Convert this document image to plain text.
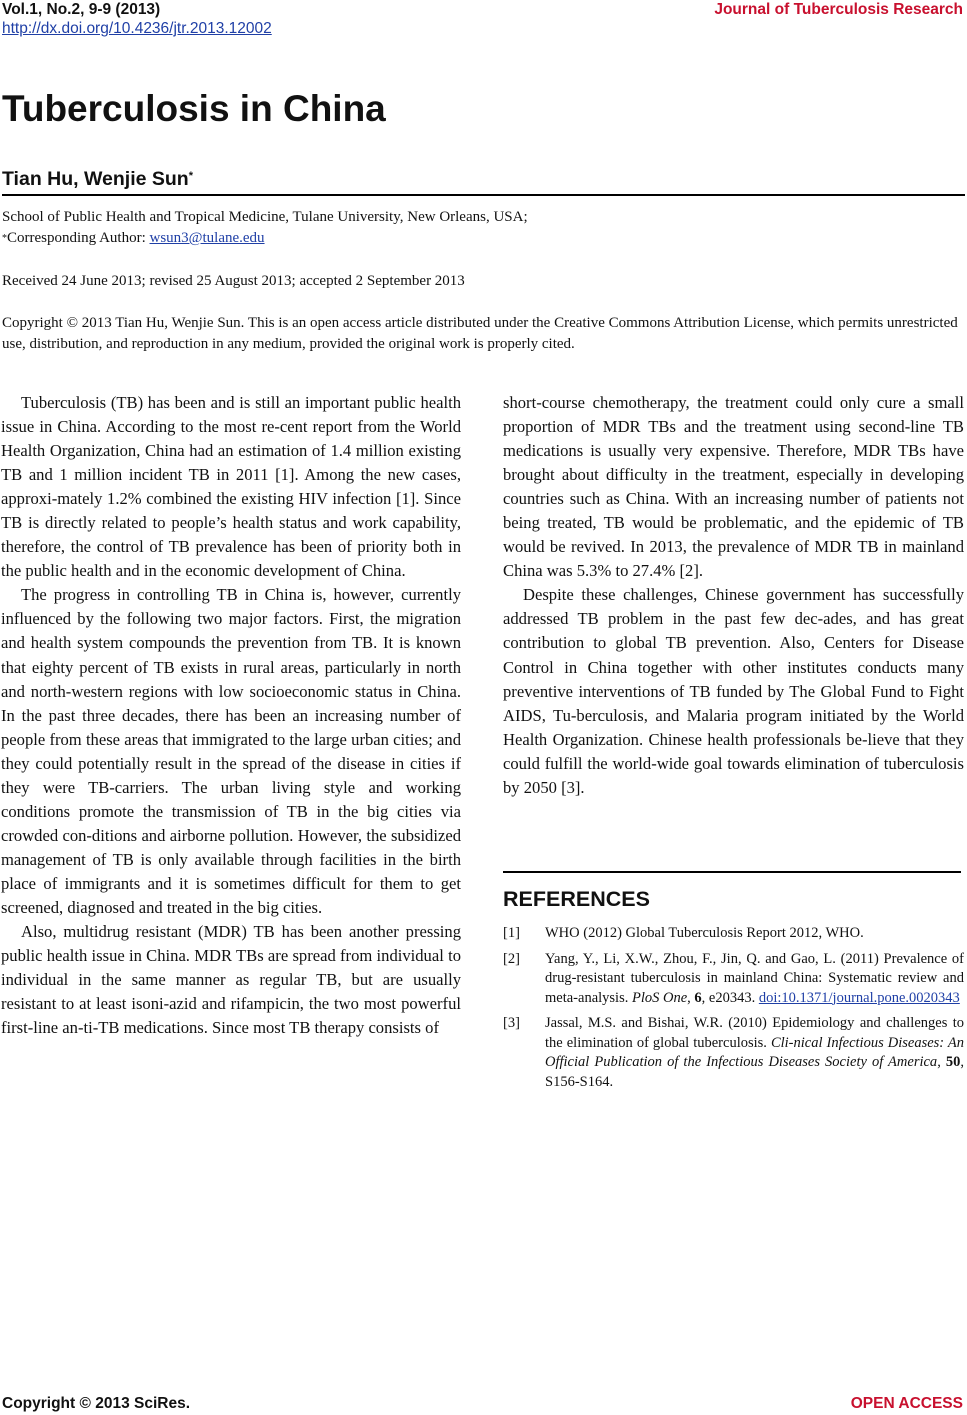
Vol.1, No.2, 9-9 (2013)
http://dx.doi.org/10.4236/jtr.2013.12002
Journal of Tuberculosis Research
Tuberculosis in China
Tian Hu, Wenjie Sun*

School of Public Health and Tropical Medicine, Tulane University, New Orleans, USA;

*Corresponding Author: wsun3@tulane.edu

Received 24 June 2013; revised 25 August 2013; accepted 2 September 2013

Copyright © 2013 Tian Hu, Wenjie Sun. This is an open access article distributed under the Creative Commons Attribution License, which permits unrestricted use, distribution, and reproduction in any medium, provided the original work is properly cited.

Tuberculosis (TB) has been and is still an important public health issue in China. According to the most re-cent report from the World Health Organization, China had an estimation of 1.4 million existing TB and 1 million incident TB in 2011 [1]. Among the new cases, approxi-mately 1.2% combined the existing HIV infection [1]. Since TB is directly related to people’s health status and work capability, therefore, the control of TB prevalence has been of priority both in the public health and in the economic development of China.

The progress in controlling TB in China is, however, currently influenced by the following two major factors. First, the migration and health system compounds the prevention from TB. It is known that eighty percent of TB exists in rural areas, particularly in north and north-western regions with low socioeconomic status in China. In the past three decades, there has been an increasing number of people from these areas that immigrated to the large urban cities; and they could potentially result in the spread of the disease in cities if they were TB-carriers. The urban living style and working conditions promote the transmission of TB in the big cities via crowded con-ditions and airborne pollution. However, the subsidized management of TB is only available through facilities in the birth place of immigrants and it is sometimes difficult for them to get screened, diagnosed and treated in the big cities.

Also, multidrug resistant (MDR) TB has been another pressing public health issue in China. MDR TBs are spread from individual to individual in the same manner as regular TB, but are usually resistant to at least isoni-azid and rifampicin, the two most powerful first-line an-ti-TB medications. Since most TB therapy consists of

short-course chemotherapy, the treatment could only cure a small proportion of MDR TBs and the treatment using second-line TB medications is usually very expensive. Therefore, MDR TBs have brought about difficulty in the treatment, especially in developing countries such as China. With an increasing number of patients not being treated, TB would be problematic, and the epidemic of TB would be revived. In 2013, the prevalence of MDR TB in mainland China was 5.3% to 27.4% [2].

Despite these challenges, Chinese government has successfully addressed TB problem in the past few dec-ades, and has great contribution to global TB prevention. Also, Centers for Disease Control in China together with other institutes conducts many preventive interventions of TB funded by The Global Fund to Fight AIDS, Tu-berculosis, and Malaria program initiated by the World Health Organization. Chinese health professionals be-lieve that they could fulfill the world-wide goal towards elimination of tuberculosis by 2050 [3].

REFERENCES
[1] WHO (2012) Global Tuberculosis Report 2012, WHO.
[2] Yang, Y., Li, X.W., Zhou, F., Jin, Q. and Gao, L. (2011) Prevalence of drug-resistant tuberculosis in mainland China: Systematic review and meta-analysis. PloS One, 6, e20343. doi:10.1371/journal.pone.0020343
[3] Jassal, M.S. and Bishai, W.R. (2010) Epidemiology and challenges to the elimination of global tuberculosis. Cli-nical Infectious Diseases: An Official Publication of the Infectious Diseases Society of America, 50, S156-S164.
Copyright © 2013 SciRes.	OPEN ACCESS
